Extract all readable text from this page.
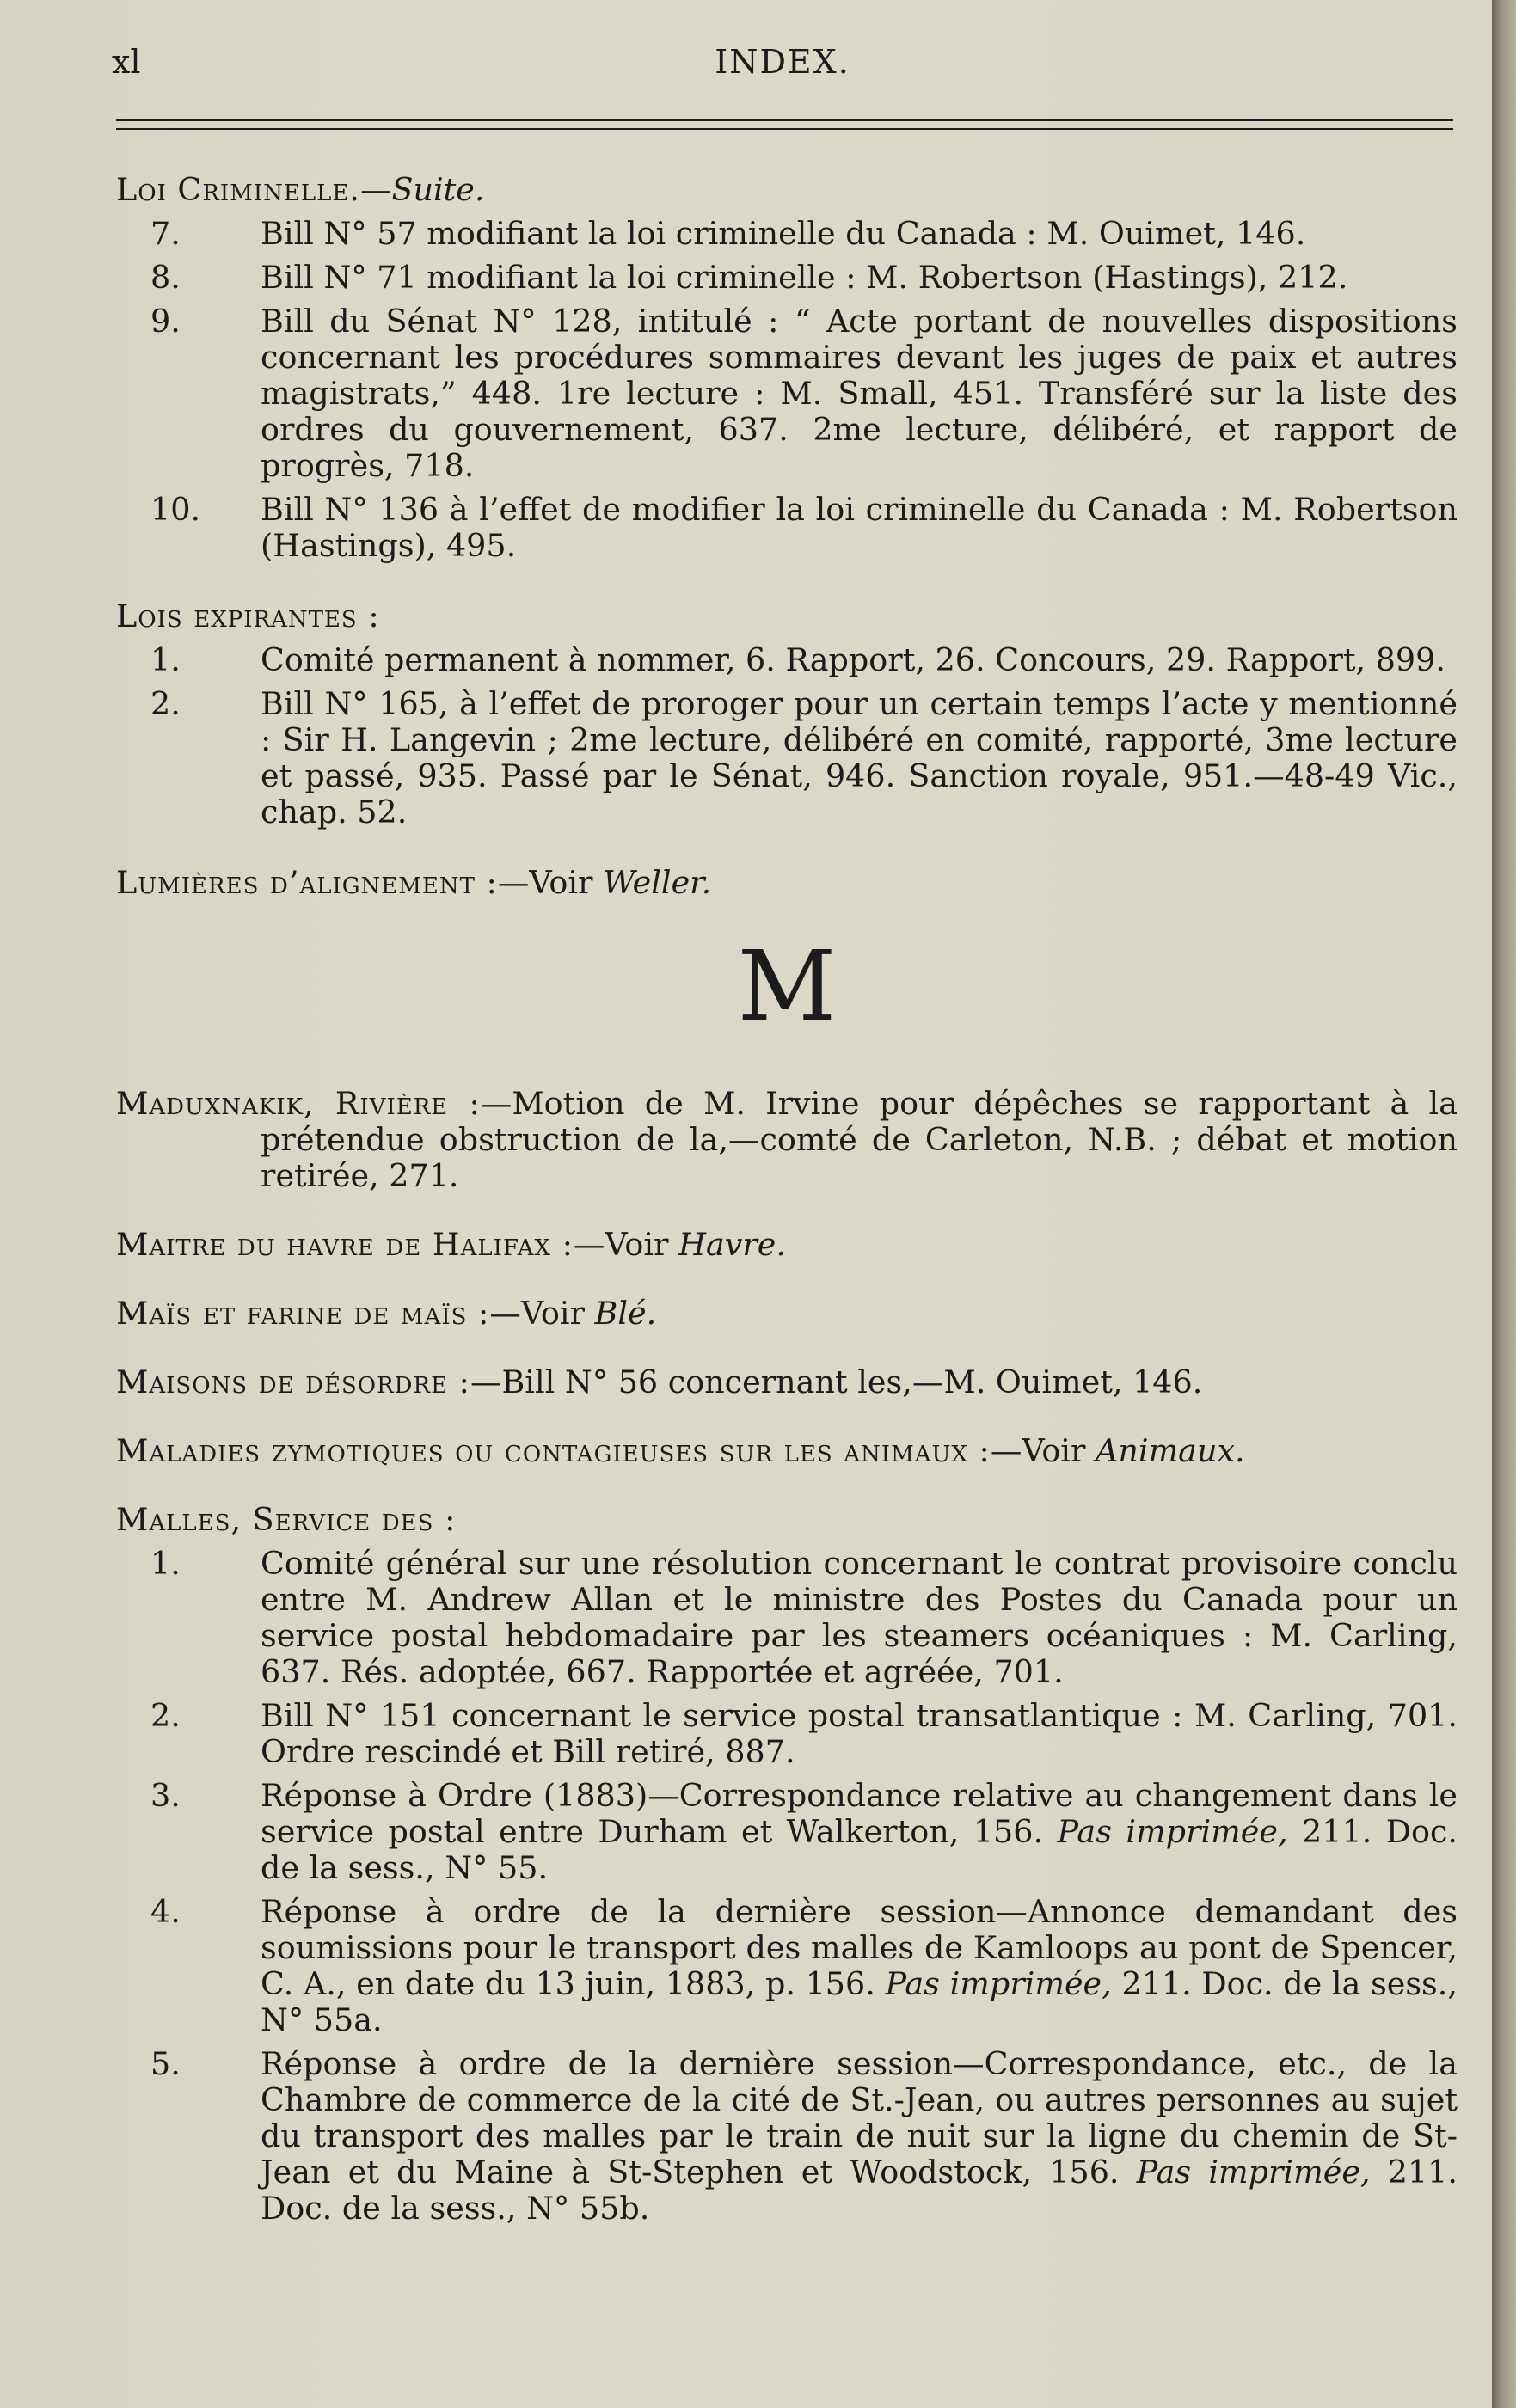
xl	INDEX.

Loi Criminelle.—Suite.

7.	Bill N° 57 modifiant la loi criminelle du Canada : M. Ouimet, 146.
8.	Bill N° 71 modifiant la loi criminelle : M. Robertson (Hastings), 212.
9.	Bill du Sénat N° 128, intitulé : “ Acte portant de nouvelles dispositions concernant les procédures sommaires devant les juges de paix et autres magistrats,” 448. 1re lecture : M. Small, 451. Transféré sur la liste des ordres du gouvernement, 637. 2me lecture, délibéré, et rapport de progrès, 718.
10.	Bill N° 136 à l’effet de modifier la loi criminelle du Canada : M. Robertson (Hastings), 495.

Lois expirantes :

1.	Comité permanent à nommer, 6. Rapport, 26. Concours, 29. Rapport, 899.
2.	Bill N° 165, à l’effet de proroger pour un certain temps l’acte y mentionné : Sir H. Langevin ; 2me lecture, délibéré en comité, rapporté, 3me lecture et passé, 935. Passé par le Sénat, 946. Sanction royale, 951.—48-49 Vic., chap. 52.

Lumières d’alignement :—Voir Weller.

M

Maduxnakik, Rivière :—Motion de M. Irvine pour dépêches se rapportant à la prétendue obstruction de la,—comté de Carleton, N.B. ; débat et motion retirée, 271.

Maitre du havre de Halifax :—Voir Havre.

Maïs et farine de maïs :—Voir Blé.

Maisons de désordre :—Bill N° 56 concernant les,—M. Ouimet, 146.

Maladies zymotiques ou contagieuses sur les animaux :—Voir Animaux.

Malles, Service des :

1.	Comité général sur une résolution concernant le contrat provisoire conclu entre M. Andrew Allan et le ministre des Postes du Canada pour un service postal hebdomadaire par les steamers océaniques : M. Carling, 637. Rés. adoptée, 667. Rapportée et agréée, 701.
2.	Bill N° 151 concernant le service postal transatlantique : M. Carling, 701. Ordre rescindé et Bill retiré, 887.
3.	Réponse à Ordre (1883)—Correspondance relative au changement dans le service postal entre Durham et Walkerton, 156. Pas imprimée, 211. Doc. de la sess., N° 55.
4.	Réponse à ordre de la dernière session—Annonce demandant des soumissions pour le transport des malles de Kamloops au pont de Spencer, C. A., en date du 13 juin, 1883, p. 156. Pas imprimée, 211. Doc. de la sess., N° 55a.
5.	Réponse à ordre de la dernière session—Correspondance, etc., de la Chambre de commerce de la cité de St.-Jean, ou autres personnes au sujet du transport des malles par le train de nuit sur la ligne du chemin de St-Jean et du Maine à St-Stephen et Woodstock, 156. Pas imprimée, 211. Doc. de la sess., N° 55b.
